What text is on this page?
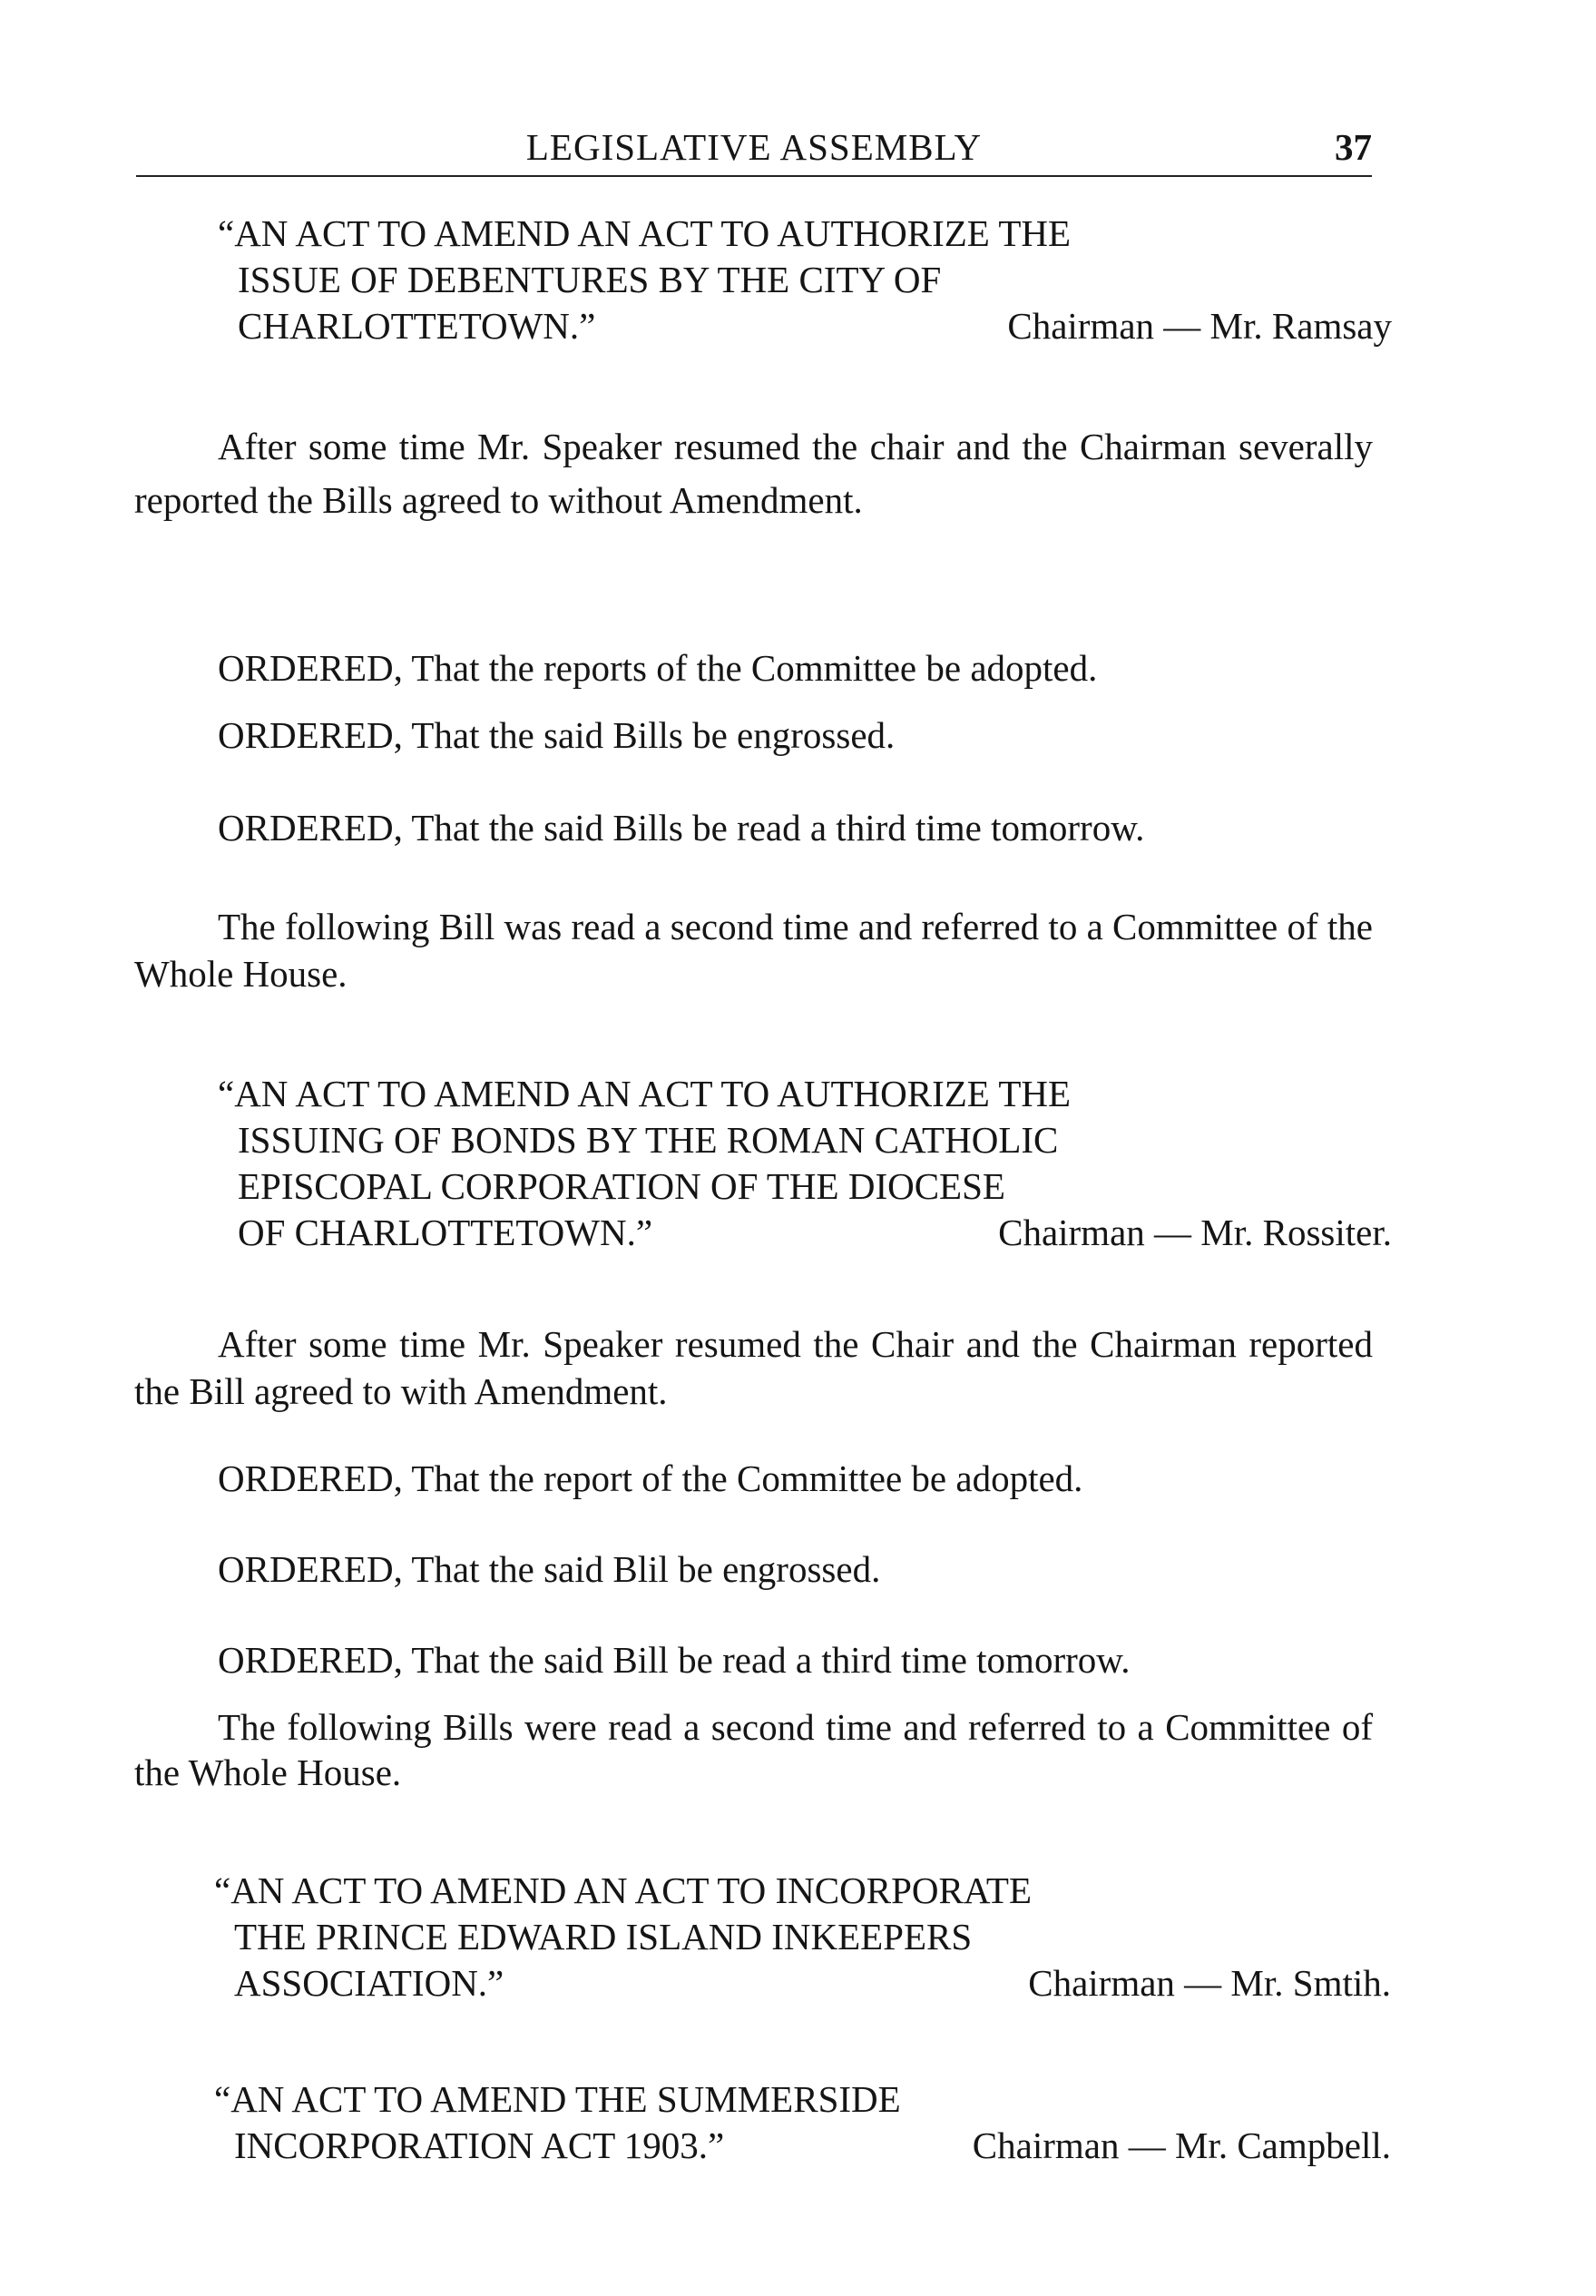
LEGISLATIVE ASSEMBLY	37
“AN ACT TO AMEND AN ACT TO AUTHORIZE THE
ISSUE OF DEBENTURES BY THE CITY OF
CHARLOTTETOWN.”	Chairman — Mr. Ramsay
After some time Mr. Speaker resumed the chair and the Chairman severally reported the Bills agreed to without Amendment.
ORDERED, That the reports of the Committee be adopted.
ORDERED, That the said Bills be engrossed.
ORDERED, That the said Bills be read a third time tomorrow.
The following Bill was read a second time and referred to a Committee of the Whole House.
“AN ACT TO AMEND AN ACT TO AUTHORIZE THE
ISSUING OF BONDS BY THE ROMAN CATHOLIC
EPISCOPAL CORPORATION OF THE DIOCESE
OF CHARLOTTETOWN.”	Chairman — Mr. Rossiter.
After some time Mr. Speaker resumed the Chair and the Chairman reported the Bill agreed to with Amendment.
ORDERED, That the report of the Committee be adopted.
ORDERED, That the said Blil be engrossed.
ORDERED, That the said Bill be read a third time tomorrow.
The following Bills were read a second time and referred to a Committee of the Whole House.
“AN ACT TO AMEND AN ACT TO INCORPORATE
THE PRINCE EDWARD ISLAND INKEEPERS
ASSOCIATION.”	Chairman — Mr. Smtih.
“AN ACT TO AMEND THE SUMMERSIDE
INCORPORATION ACT 1903.”	Chairman — Mr. Campbell.
